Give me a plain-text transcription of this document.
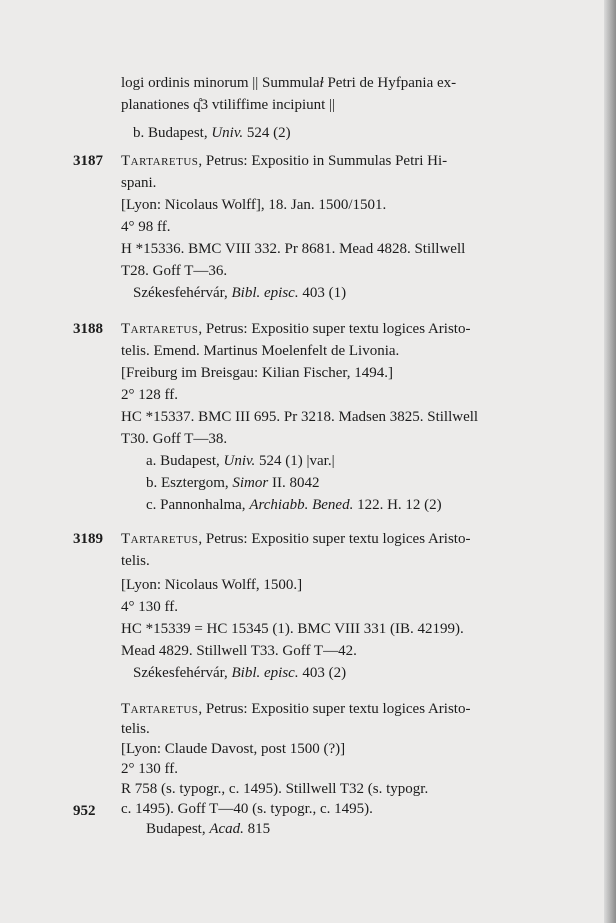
logi ordinis minorum || Summulaɫ Petri de Hyfpania ex-
planationes q̊3 vtiliffime incipiunt ||
b. Budapest, Univ. 524 (2)
3187 Tartaretus, Petrus: Expositio in Summulas Petri Hi-
spani.
[Lyon: Nicolaus Wolff], 18. Jan. 1500/1501.
4° 98 ff.
H *15336. BMC VIII 332. Pr 8681. Mead 4828. Stillwell
T28. Goff T—36.
Székesfehérvár, Bibl. episc. 403 (1)
3188 Tartaretus, Petrus: Expositio super textu logices Aristo-
telis. Emend. Martinus Moelenfelt de Livonia.
[Freiburg im Breisgau: Kilian Fischer, 1494.]
2° 128 ff.
HC *15337. BMC III 695. Pr 3218. Madsen 3825. Stillwell
T30. Goff T—38.
a. Budapest, Univ. 524 (1) |var.|
b. Esztergom, Simor II. 8042
c. Pannonhalma, Archiabb. Bened. 122. H. 12 (2)
3189 Tartaretus, Petrus: Expositio super textu logices Aristo-
telis.
[Lyon: Nicolaus Wolff, 1500.]
4° 130 ff.
HC *15339 = HC 15345 (1). BMC VIII 331 (IB. 42199).
Mead 4829. Stillwell T33. Goff T—42.
Székesfehérvár, Bibl. episc. 403 (2)
Tartaretus, Petrus: Expositio super textu logices Aristo-
telis.
[Lyon: Claude Davost, post 1500 (?)]
2° 130 ff.
R 758 (s. typogr., c. 1495). Stillwell T32 (s. typogr.
c. 1495). Goff T—40 (s. typogr., c. 1495).
Budapest, Acad. 815
952
